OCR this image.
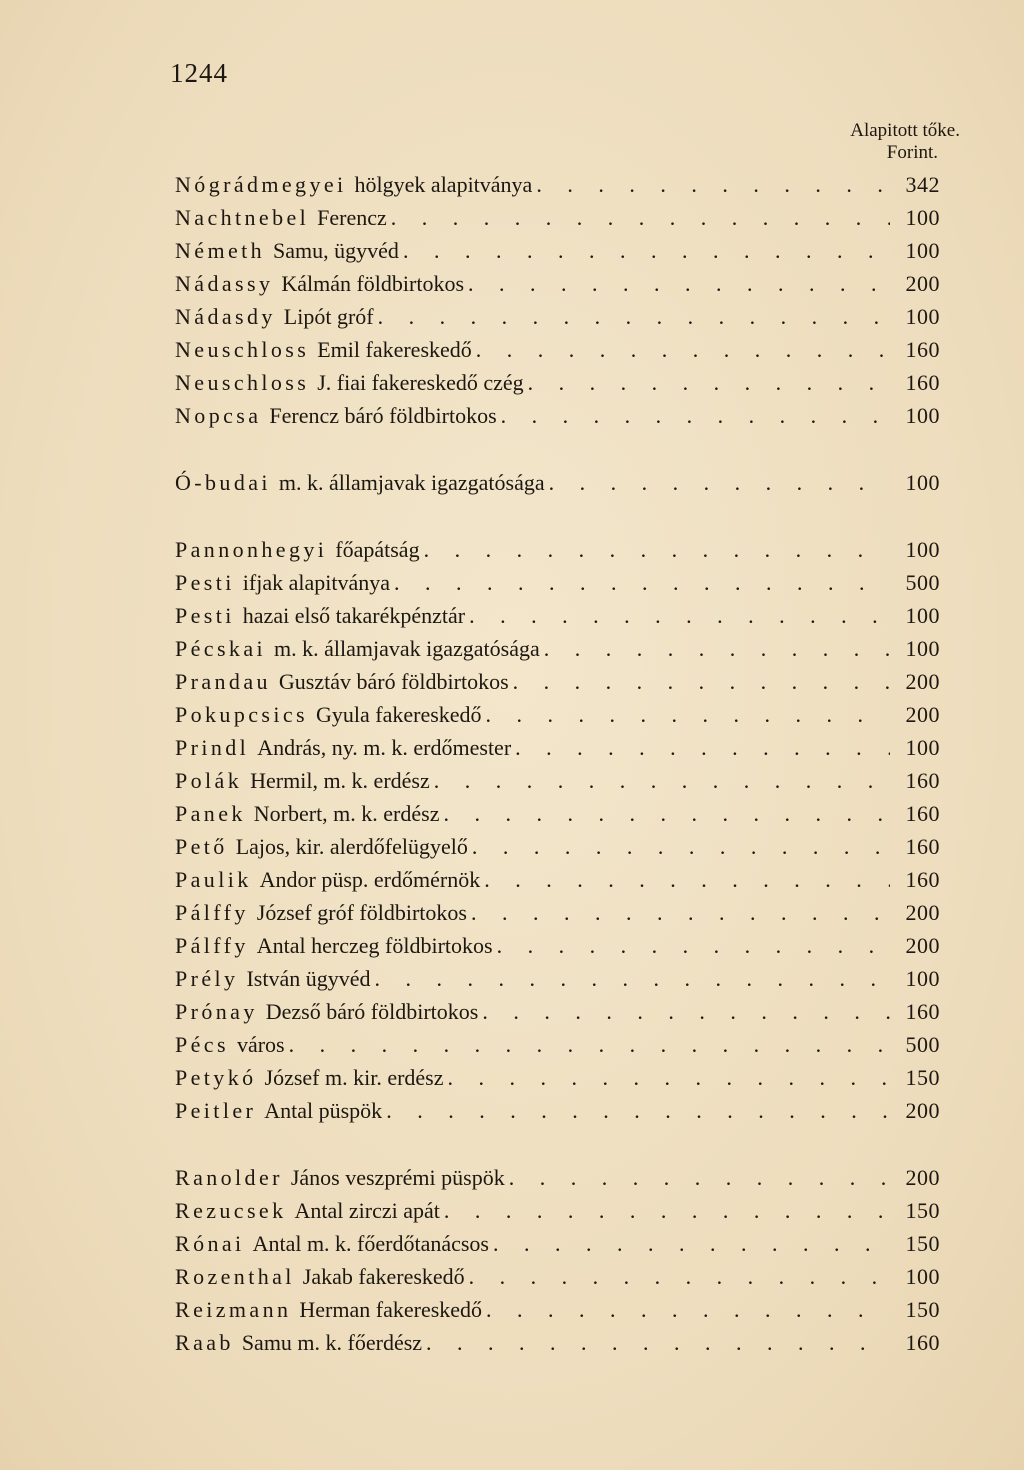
1244
Alapitott tőke.
Forint.
Nógrádmegyei hölgyek alapitványa . . .	342
Nachtnebel Ferencz . . .	100
Németh Samu, ügyvéd . . .	100
Nádassy Kálmán földbirtokos . . .	200
Nádasdy Lipót gróf . . .	100
Neuschloss Emil fakereskedő . . .	160
Neuschloss J. fiai fakereskedő czég . . .	160
Nopcsa Ferencz báró földbirtokos . . .	100
Ó-budai m. k. államjavak igazgatósága . . .	100
Pannonhegyi főapátság . . .	100
Pesti ifjak alapitványa . . .	500
Pesti hazai első takarékpénztár . . .	100
Pécskai m. k. államjavak igazgatósága . . .	100
Prandau Gusztáv báró földbirtokos . . .	200
Pokupcsics Gyula fakereskedő . . .	200
Prindl András, ny. m. k. erdőmester . . .	100
Polák Hermil, m. k. erdész . . .	160
Panek Norbert, m. k. erdész . . .	160
Pető Lajos, kir. alerdőfelügyelő . . .	160
Paulik Andor püsp. erdőmérnök . . .	160
Pálffy József gróf földbirtokos . . .	200
Pálffy Antal herczeg földbirtokos . . .	200
Prély István ügyvéd . . .	100
Prónay Dezső báró földbirtokos . . .	160
Pécs város . . .	500
Petykó József m. kir. erdész . . .	150
Peitler Antal püspök . . .	200
Ranolder János veszprémi püspök . . .	200
Rezucsek Antal zirczi apát . . .	150
Rónai Antal m. k. főerdőtanácsos . . .	150
Rozenthal Jakab fakereskedő . . .	100
Reizmann Herman fakereskedő . . .	150
Raab Samu m. k. főerdész . . .	160
